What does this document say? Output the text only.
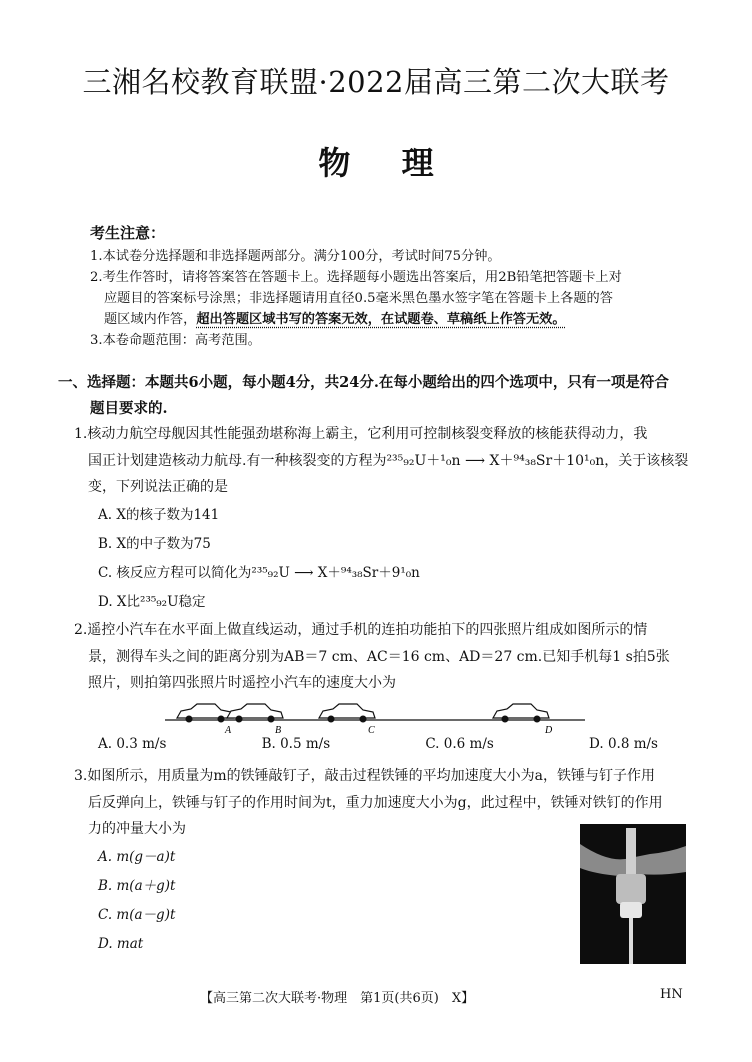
三湘名校教育联盟·2022届高三第二次大联考
物 理
考生注意：

1.本试卷分选择题和非选择题两部分。满分100分，考试时间75分钟。

2.考生作答时，请将答案答在答题卡上。选择题每小题选出答案后，用2B铅笔把答题卡上对

应题目的答案标号涂黑；非选择题请用直径0.5毫米黑色墨水签字笔在答题卡上各题的答

题区域内作答，超出答题区域书写的答案无效，在试题卷、草稿纸上作答无效。

3.本卷命题范围：高考范围。

一、选择题：本题共6小题，每小题4分，共24分.在每小题给出的四个选项中，只有一项是符合
题目要求的.

1.核动力航空母舰因其性能强劲堪称海上霸主，它利用可控制核裂变释放的核能获得动力，我

国正计划建造核动力航母.有一种核裂变的方程为²³⁵₉₂U＋¹₀n ⟶ X＋⁹⁴₃₈Sr＋10¹₀n，关于该核裂

变，下列说法正确的是

A. X的核子数为141
B. X的中子数为75
C. 核反应方程可以简化为²³⁵₉₂U ⟶ X＋⁹⁴₃₈Sr＋9¹₀n
D. X比²³⁵₉₂U稳定

2.遥控小汽车在水平面上做直线运动，通过手机的连拍功能拍下的四张照片组成如图所示的情

景，测得车头之间的距离分别为AB＝7 cm、AC＝16 cm、AD＝27 cm.已知手机每1 s拍5张

照片，则拍第四张照片时遥控小汽车的速度大小为

A	B	C	D
A. 0.3 m/s	B. 0.5 m/s	C. 0.6 m/s	D. 0.8 m/s

3.如图所示，用质量为m的铁锤敲钉子，敲击过程铁锤的平均加速度大小为a，铁锤与钉子作用

后反弹向上，铁锤与钉子的作用时间为t，重力加速度大小为g，此过程中，铁锤对铁钉的作用

力的冲量大小为

A. m(g－a)t
B. m(a＋g)t
C. m(a－g)t
D. mat
【高三第二次大联考·物理　第1页(共6页)　X】	HN
